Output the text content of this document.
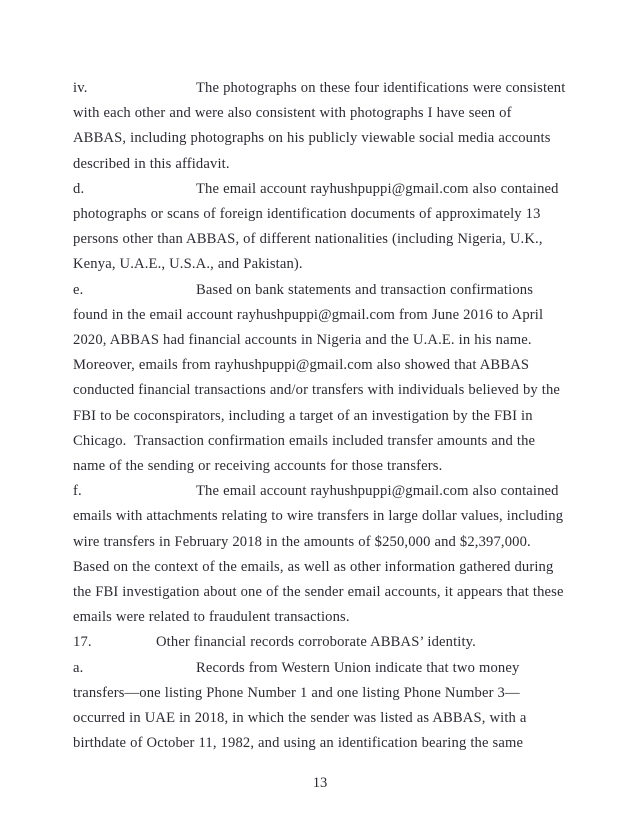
iv.	The photographs on these four identifications were consistent with each other and were also consistent with photographs I have seen of ABBAS, including photographs on his publicly viewable social media accounts described in this affidavit.

d.	The email account rayhushpuppi@gmail.com also contained photographs or scans of foreign identification documents of approximately 13 persons other than ABBAS, of different nationalities (including Nigeria, U.K., Kenya, U.A.E., U.S.A., and Pakistan).

e.	Based on bank statements and transaction confirmations found in the email account rayhushpuppi@gmail.com from June 2016 to April 2020, ABBAS had financial accounts in Nigeria and the U.A.E. in his name.  Moreover, emails from rayhushpuppi@gmail.com also showed that ABBAS conducted financial transactions and/or transfers with individuals believed by the FBI to be coconspirators, including a target of an investigation by the FBI in Chicago.  Transaction confirmation emails included transfer amounts and the name of the sending or receiving accounts for those transfers.

f.	The email account rayhushpuppi@gmail.com also contained emails with attachments relating to wire transfers in large dollar values, including wire transfers in February 2018 in the amounts of $250,000 and $2,397,000.  Based on the context of the emails, as well as other information gathered during the FBI investigation about one of the sender email accounts, it appears that these emails were related to fraudulent transactions.

17.	Other financial records corroborate ABBAS’ identity.

a.	Records from Western Union indicate that two money transfers—one listing Phone Number 1 and one listing Phone Number 3—occurred in UAE in 2018, in which the sender was listed as ABBAS, with a birthdate of October 11, 1982, and using an identification bearing the same

13
